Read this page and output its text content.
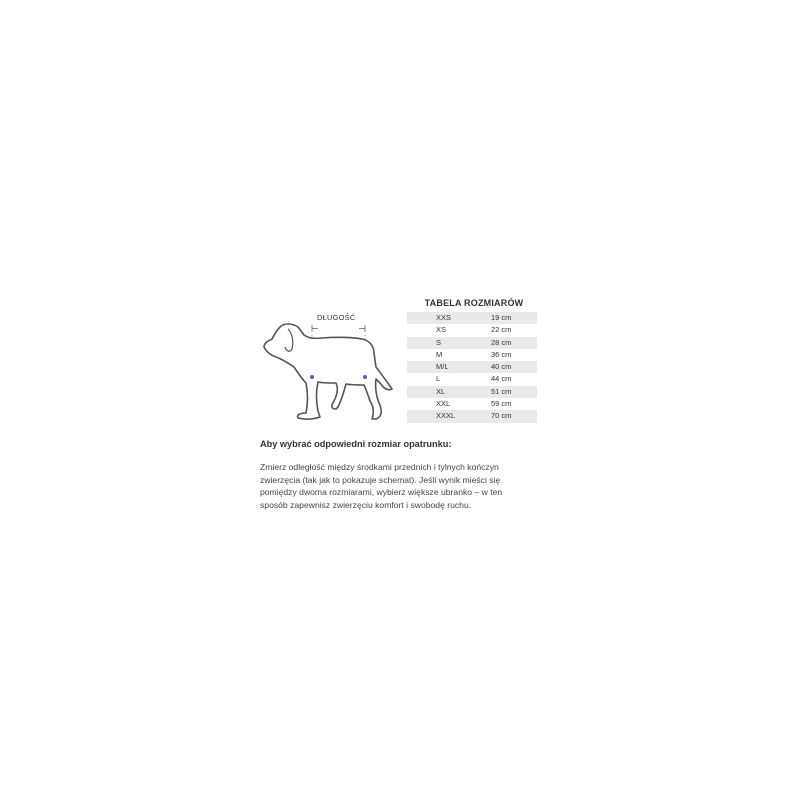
DŁUGOŚĆ
TABELA ROZMIARÓW
XXS	19 cm
XS	22 cm
S	28 cm
M	36 cm
M/L	40 cm
L	44 cm
XL	51 cm
XXL	59 cm
XXXL	70 cm
Aby wybrać odpowiedni rozmiar opatrunku:
Zmierz odległość między środkami przednich i tylnych kończyn
zwierzęcia (tak jak to pokazuje schemat). Jeśli wynik mieści się
pomiędzy dwoma rozmiarami, wybierz większe ubranko – w ten
sposób zapewnisz zwierzęciu komfort i swobodę ruchu.
